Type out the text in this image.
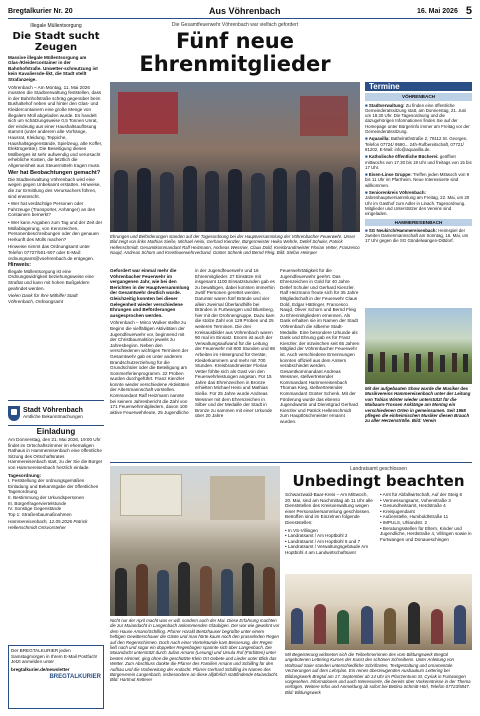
Bregtalkurier Nr. 20	Aus Vöhrenbach	16. Mai 2026 5
Illegale Müllentsorgung
Die Stadt sucht Zeugen
Massive illegale Müllentsorgung am Glas-/Kleidercontainer in der Bahnhofstraße. Unwetter-schmutzung ist kein Kavaliersde-likt, die Stadt stellt Strafanzeige.
Vöhrenbach – Am Montag, 11. Mai 2026 mussten die Stadtverwaltung feststellen, dass in der Bahnhofstraße schräg gegenüber beim Bushaltehof neben und hinter den Glas- und Kleidercontainern eine große Menge von illegalem Müll abgeladen wurde. Es handelt sich um schätzungsweise 0,5 Tonnen Unrat, der eindeutig aus einer Haushaltsauflösung stammt (unter anderem alte Vorhänge, Hausrat, Kleidung, Teppiche, Haushaltsgegenstände, Spielzeug, alte Koffer, Elektrogeräte). Die Beseitigung dieses Müllberges ist sehr aufwendig und verursacht erhebliche Kosten, die letztlich die Allgemeinheit aus Steuermitteln tragen muss.
Wer hat Beobachtungen gemacht?
Die Stadtverwaltung Vöhrenbach wird eine wegen gegen Unbekannt erstatten. Hinweise, die zur Ermittlung des Verursachers führen, sind erwünscht.
• Wer hat verdächtige Personen oder Fahrzeuge (Transporter, Anhänger) an den Containern bemerkt?
• Wer kann Angaben zum Tag und der Zeit der Müllablagerung, von Kennzeichen, Personenbeschreibungen oder den genauen Herkunft des Mülls machen?
Hinweise nimmt das Ordnungsamt unter Telefon 07727/501-507 oder E-Mail: ordnungsamt@voehrenbach.de entgegen.
Hinweis:
Illegale Müllentsorgung ist eine Ordnungswidrigkeit beziehungsweise eine Straftat und kann mit hohen Bußgeldern geahndet werden.
Vielen Dank für Ihre Mithilfe! Stadt Vöhrenbach, Ordnungsamt
Stadt Vöhrenbach
Amtliche Bekanntmachungen
Einladung
Am Donnerstag, den 21. Mai 2026, 19:00 Uhr findet im Ortschaftszimmer im ehemaligen Rathaus in Hammereisenbach eine öffentliche Sitzung des Ortschaftsrates Hammereisenbach statt, zu der Sie die Bürger von Hammereisenbach herzlich einlade.
Tagesordnung:
I. Feststellung der ordnungsgemäßen Einladung und Bekanntgabe der öffentlichen Tagesordnung
II. Bestimmung der Urkundspersonen
III. Bürgerfragerviertelstunde
IV. Sonstige Gegenstände
Top 1: Straßenbaumaßnahmen
Hammereisenbach, 12.05.2026 Patrick Hellenschmidt Ortsvorsteher
Der BREGTALKURIER jeden Samstagmorgen in Ihrem E-Mail Postfach! Jetzt anmelden unter
bregtalkurier.de/newsletter
BREGTALKURIER
Die Gesamtfeuerwehr Vöhrenbach war vielfach gefordert
Fünf neue Ehrenmitglieder
Ehrungen und Beförderungen standen auf der Tagesordnung bei der Hauptversammlung der Vöhrenbacher Feuerwehr. Unser Bild zeigt von links Mathias Sieße, Michael Heini, Gerhard Kienzler, Bürgermeister Heiko Wehrle, Detlef Schuler, Patrick Hellenschmidt, Gesamtkommandant Ralf Heizmann, Andreas Wessner, Claus Dold, Kreisbrandmeister Florian Vetter, Franzesco Naujd, Andreas Schorn und Kreisfeuerwehrverband, Günter Schenk und Bernd Fleig. Bild: Stefan Heimper
Gefordert war einmal mehr die Vöhrenbacher Feuerwehr im vergangenen Jahr, wie bei den Berichten in der Hauptversammlung der Gesamtwehr deutlich wurde. Gleichzeitig konnten bei dieser Gelegenheit wieder verschiedene Ehrungen und Beförderungen ausgesprochen werden.
Vöhrenbach – Mirco Wulker stellte zu Beginn die vielfältigen Aktivitäten der Jugendfeuerwehr vor, beginnend mit der Christbaumaktion jeweils zu Jahresbeginn. Neben den verschiedenen wichtigen Terminen der Gesamtwehr gab es unter anderem Brandschutzerziehung für die Grundschüler oder die Beteiligung am Sommerferienprogramm. 22 Proben wurden durchgeführt. Franz Kienzler konnte wieder verschiedene Aktivitäten der Altersmannschaft vorstellen. Kommandant Ralf Heizmann nannte bei seinem Jahresbericht die Zahl von 171 Feuerwehrmitgliedern, davon 100 aktive Feuerwehrleute, 25 Jugendliche
in der Jugendfeuerwehr und 16 Ehrenmitglieder. 27 Einsätze mit insgesamt 1100 Einsatzstunden gab es zu bewältigen, dabei konnten immerhin zwölf Personen gerettet werden. Darunter waren fünf Brände und vier allein zweimal Überlandhilfe bei Bränden in Furtwangen und Blumberg, hier mit der Drohnengruppe. Dazu kam die stolze Zahl von 129 Proben und 25 weiteren Terminen. Die drei Kreisausbilder aus Vöhrenbach waren 90 mal im Einsatz. Enorm ist auch der Verwaltungsaufwand für die Leitung der Feuerwehr mit 800 Stunden und 68 Arbeiten im Hintergrund für Geräte, Kleiderkammern und mehr mit 700 Stunden. Kreisbrandmeister Florian Vetter fühlte sich als Gast von den Feuerwehrleistungen angetan. Für 15 Jahre das Ehrenzeichen in Bronze erhielten Michael Heini und Mathias Sieße. Für 25 Jahre wurde Andreas Wessner mit dem Ehrenzeichen in Silber und der Medaille der Stadt in Bronze zu sammen mit einer Urkunde über 20 Jahre
Feuerwehrtätigkeit für die Jugendfeuerwehr geehrt. Das Ehrenzeichen in Gold für 40 Jahre Detlef Schuler und Gerhard Kienzler. Ralf Heizmann freute sich für 35 Jahre Mitgliedschaft in der Feuerwehr Claus Dold, Edgar Hättinger, Francesco Naujd, Oliver Schorn und Bernd Fleig zu Ehrenmitgliedern ernennen. Als Dank erhalten sie im Namen der Stadt Vöhrenbach die silberne Stadt-Medaille. Eine besondere Urkunde als Dank und Ehrung gab es für Franz Kienzler, der inzwischen seit 65 Jahren Mitglied der Vöhrenbacher Feuerwehr ist. Auch verschiedene Ernennungen konnten offiziell aus dem Amtern verabschiedet werden. Gesamtkommandant Andreas Wessner, stellvertretender Kommandant Hammereisenbach Thomas Kieg, stellvertretender Kommandant Günter Schenk. Mit der Förderung wurde das ebenso Jugendwartin und Dienstgrad Gerhard Kienzler und Patrick Hellenschmidt zum Hauptlöschmeister ernannt wurden.
Mit der aufgebauten Show wurde die Musiker des Musikvereins Hammereisenbach unter der Leitung von Tobias Winter wieder unterstützt für die Maibaum-Trossen Anklänge am Montag ein verschiedenen Orten in gemeinsamen. Seit 1958 pflegen die einheimischen Musiker diesen Brauch zu aller Herzenströße. Bild: Verein
Termine
VÖHRENBACH
■ Stadtverwaltung: Zu finden eine öffentliche Gemeinderatssitzung statt, am Donnerstag, 21. Juni um 18.30 Uhr. Die Tagesordnung und die dazugehörigen Informationen finden Sie auf der Homepage unter Bürgerinfo immer am Freitag vor der Gemeinderatssitzung.
■ Aquavilla: Bathelrathstraße 2, 78112 St. Georgen, Telefon 07724/ 9590... 24h-Rufbereitschaft, 07721/ 81202, E-Mail: info@aquavilla.de.
■ Katholische öffentliche Bücherei: geöffnet mittwochs von 17.30 bis 19 Uhr und freitags von 15 bis 17 Uhr.
■ Eisen-Linse Gruppe: Treffen jeden Mittwoch von 9 bis 11 Uhr im Pfarrheim. Neue Interessierte sind willkommen.
■ Seniorenkreis Vöhrenbach: Jahreshauptversammlung am Freitag, 22. Mai, um 20 Uhr im Gasthof zum Adler in Linach. Tagesordnung. Mitglieder und Unterstützer des Vereins sind eingeladen.
HAMMEREISENBACH
■ SG Neukirch/Hammereisenbach: Heimspiel der zweiten Damenmannschaft am Sonntag, 16. Mai, um 17 Uhr gegen die SG Gündelwangen-Dittdorf.
Nicht nur der April macht was er will, sondern auch der Mai. Diese Erfahrung machten die zur Maiandacht in Langenbach ankommenden Gläubigen. Der war wie gewohnt vor dem Hause Amann/Schilling. Pfarrer Harald Bentzhauser begrüßte unter einem heftigen Gewitterschauer die Gäste und man hörte kaum noch den prasselnden Regen auf den Regenschirmen. Doch nach einer Viertelstunde kam Besserung, der Regen ließ nach und sogar ein doppelter Regenbogen spannte sich über Langenbach. Die Maiandacht unterstützt durch Julian Amann (Lesung) und Ursula Ruf (Fürbitten) unter besten Himmel, ging ohne die geschützte Klein Ort Gebete und Lieder unter Blick das Wetter. Zum Abschluss dankte die Pfarrer des Familien Amann und Schilling für den Aufbau und die Vorbereitung der Andacht. Pfarrer Gerhard Schilling im Namen des Bürgerverein Langenbach, insbesondere an diese alljährlich stattfindende Maiandacht. Bild: Hartmut Ketterer
Landratsamt geschlossen
Unbedingt beachten
Schwarzwald-Baar-Kreis – Am Mittwoch, 20. Mai, sind am Nachmittag ab 11 Uhr alle Dienststellen des Kreisverwaltung wegen einer Personalversammlung geschlossen. Betroffen sind im Einzelnen folgende Dienststellen:
• In VS-Villingen
• Landratsamt / Am Hoptbühl 2
• Landratsamt / Am Hoptbühl 5 und 7
• Landratsamt / Verwaltungsgebäude Am Hoptbühl 4 am Landwirtschaftsamt
• Amt für Abfallwirtschaft, Auf der Steig 6
• Vermessungsamt, Vohenstraße 3
• Gesundheitsamt, Herdstraße 4
• Kreisjugendamt
• Außenstelle, Humboldtstraße 11
• IMPULS, Uhlandstr. 2
• Beratungsstellen für Eltern, Kinder und Jugendliche, Herdstraße 4, Villingen sowie in Furtwangen und Donaueschingen
Mit Begeisterung widmeten sich die Teilnehmerinnen des vom Bildungswerk Bregtal angebotenen Lettering Kurses der Kunst des schönen Schreibens. Unter Anleitung von Waltraud Saier standen unterschiedliche Schriftarten, Textgestaltung und ornamentale Verzierungen auf dem Lehrplan. Ein reines überzeugenden Ausbaukurs Lettering bei Bildungswerk Bregtal am 17. September ab 14 Uhr im Pfarrzentrum St. Cyriak in Furtwangen vorgesehen. Informationen und auch Interessierte, die bereits über Vorkenntnisse in der Thema verfügen. Weitere Infos und Anmeldung ab sofort bei Bettina Schmitt-Hörl, Telefon 07723/5847. Bild: Bildungswerk
